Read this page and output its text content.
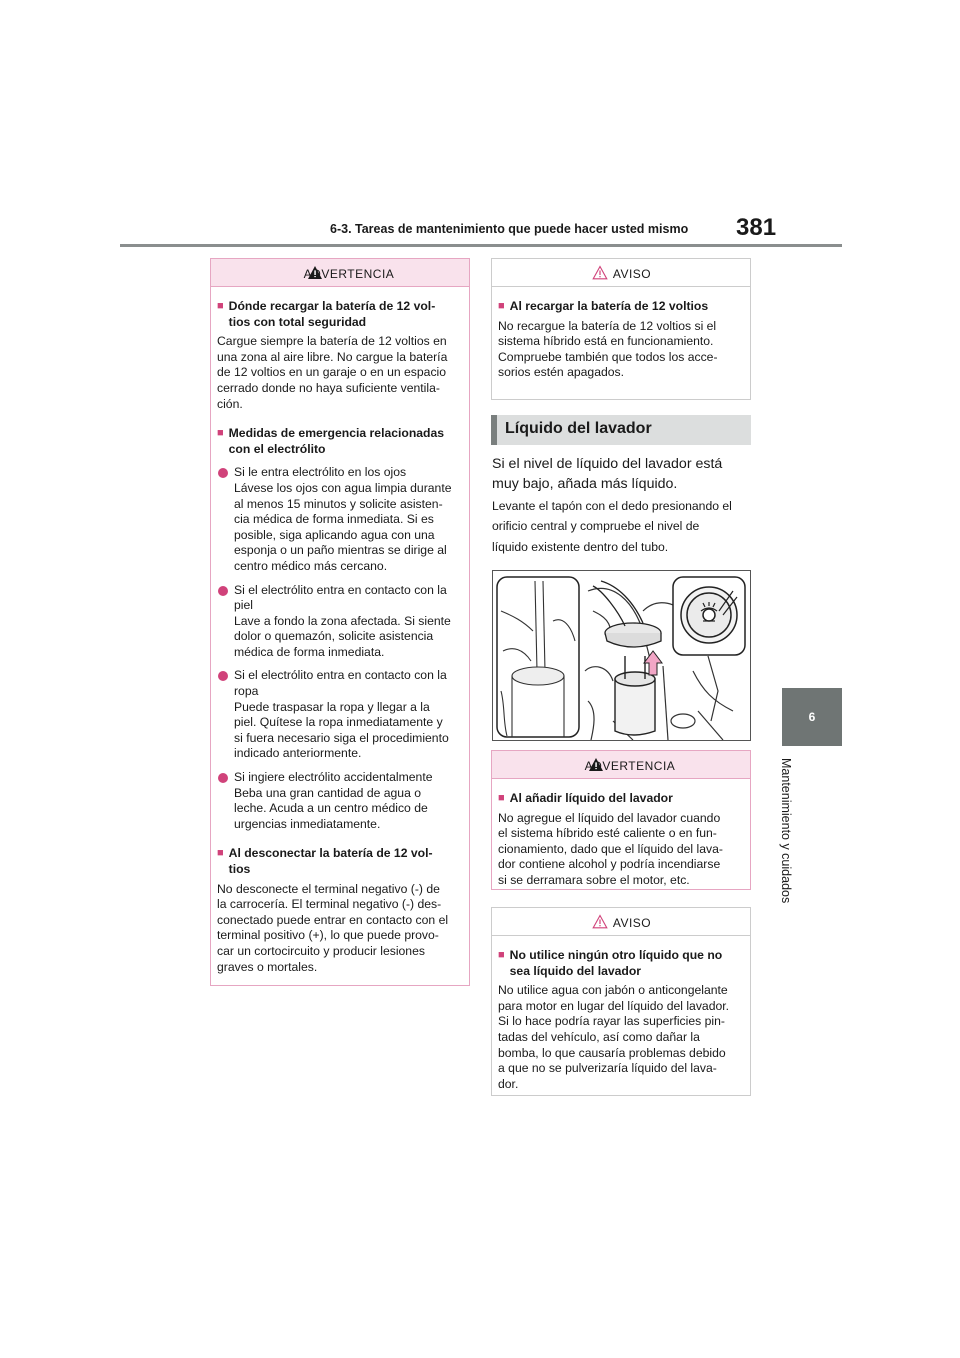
6-3. Tareas de mantenimiento que puede hacer usted mismo 381
6
Mantenimiento y cuidados
ADVERTENCIA
■ Dónde recargar la batería de 12 vol-
tios con total seguridad
Cargue siempre la batería de 12 voltios en
una zona al aire libre. No cargue la batería
de 12 voltios en un garaje o en un espacio
cerrado donde no haya suficiente ventila-
ción.
■ Medidas de emergencia relacionadas
con el electrólito
Si le entra electrólito en los ojos
Lávese los ojos con agua limpia durante
al menos 15 minutos y solicite asisten-
cia médica de forma inmediata. Si es
posible, siga aplicando agua con una
esponja o un paño mientras se dirige al
centro médico más cercano.
Si el electrólito entra en contacto con la
piel
Lave a fondo la zona afectada. Si siente
dolor o quemazón, solicite asistencia
médica de forma inmediata.
Si el electrólito entra en contacto con la
ropa
Puede traspasar la ropa y llegar a la
piel. Quítese la ropa inmediatamente y
si fuera necesario siga el procedimiento
indicado anteriormente.
Si ingiere electrólito accidentalmente
Beba una gran cantidad de agua o
leche. Acuda a un centro médico de
urgencias inmediatamente.
■ Al desconectar la batería de 12 vol-
tios
No desconecte el terminal negativo (-) de
la carrocería. El terminal negativo (-) des-
conectado puede entrar en contacto con el
terminal positivo (+), lo que puede provo-
car un cortocircuito y producir lesiones
graves o mortales.
AVISO
■ Al recargar la batería de 12 voltios
No recargue la batería de 12 voltios si el
sistema híbrido está en funcionamiento.
Compruebe también que todos los acce-
sorios estén apagados.
Líquido del lavador
Si el nivel de líquido del lavador está
muy bajo, añada más líquido.
Levante el tapón con el dedo presionando el
orificio central y compruebe el nivel de
líquido existente dentro del tubo.
ADVERTENCIA
■ Al añadir líquido del lavador
No agregue el líquido del lavador cuando
el sistema híbrido esté caliente o en fun-
cionamiento, dado que el líquido del lava-
dor contiene alcohol y podría incendiarse
si se derramara sobre el motor, etc.
AVISO
■ No utilice ningún otro líquido que no
sea líquido del lavador
No utilice agua con jabón o anticongelante
para motor en lugar del líquido del lavador.
Si lo hace podría rayar las superficies pin-
tadas del vehículo, así como dañar la
bomba, lo que causaría problemas debido
a que no se pulverizaría líquido del lava-
dor.
